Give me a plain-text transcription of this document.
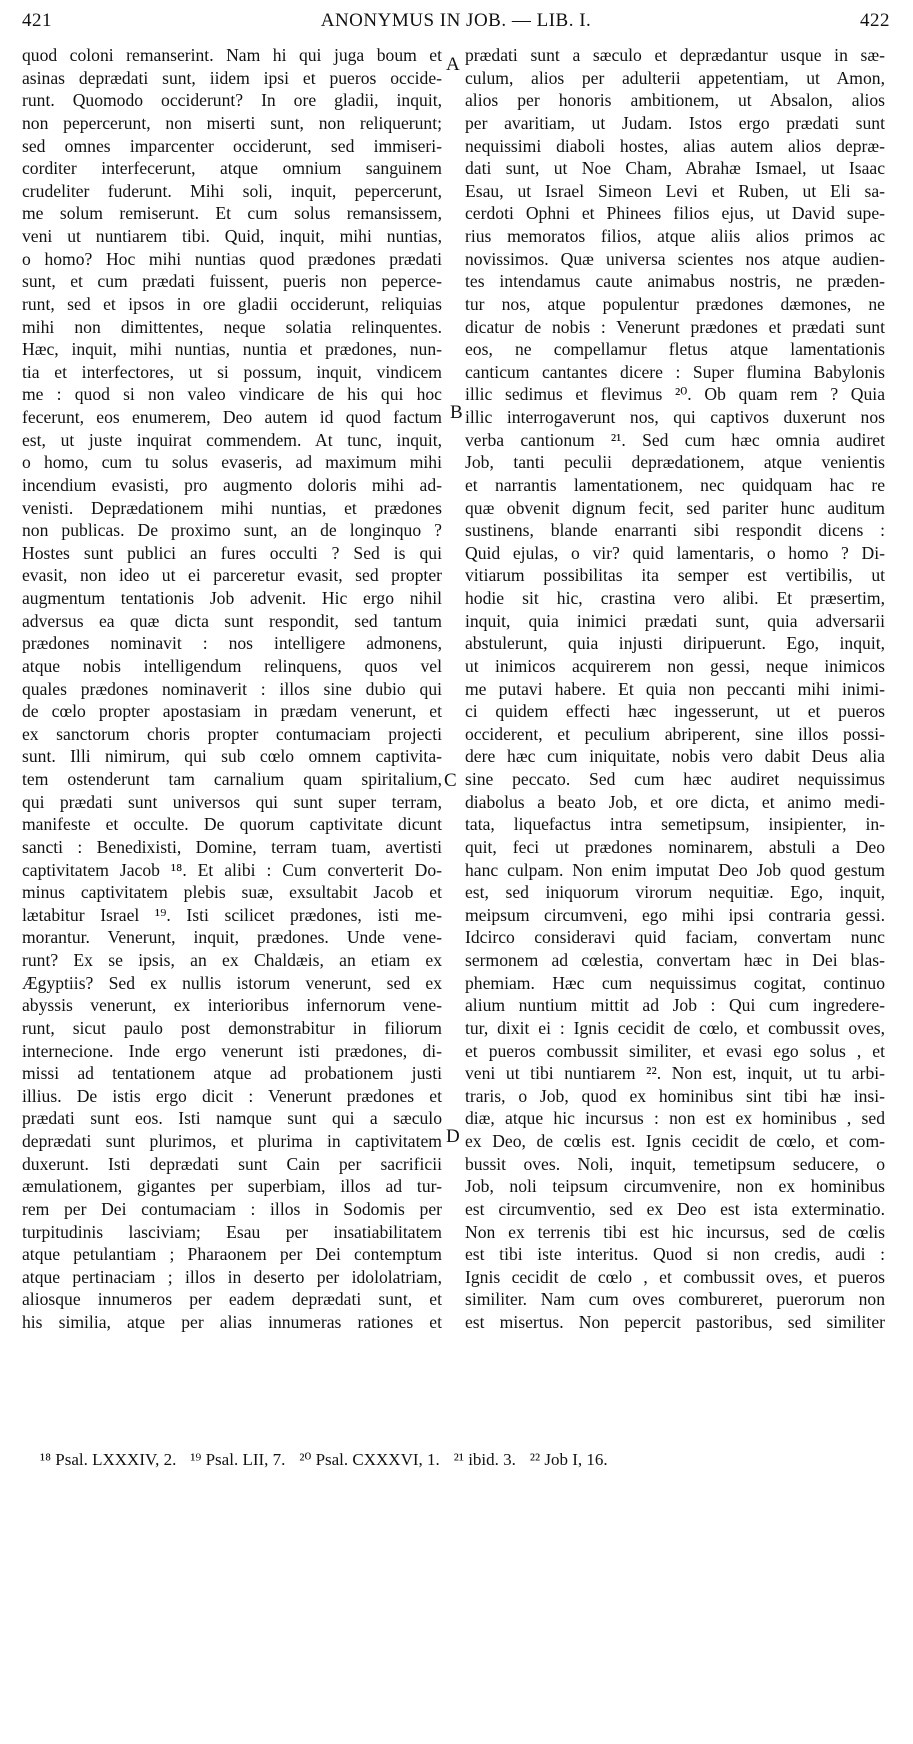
421	ANONYMUS IN JOB. — LIB. I.	422
quod coloni remanserint. Nam hi qui juga boum et
asinas deprædati sunt, iidem ipsi et pueros occide-
runt. Quomodo occiderunt? In ore gladii, inquit,
non pepercerunt, non miserti sunt, non reliquerunt;
sed omnes imparcenter occiderunt, sed immiseri-
corditer interfecerunt, atque omnium sanguinem
crudeliter fuderunt. Mihi soli, inquit, pepercerunt,
me solum remiserunt. Et cum solus remansissem,
veni ut nuntiarem tibi. Quid, inquit, mihi nuntias,
o homo? Hoc mihi nuntias quod prædones prædati
sunt, et cum prædati fuissent, pueris non peperce-
runt, sed et ipsos in ore gladii occiderunt, reliquias
mihi non dimittentes, neque solatia relinquentes.
Hæc, inquit, mihi nuntias, nuntia et prædones, nun-
tia et interfectores, ut si possum, inquit, vindicem
me : quod si non valeo vindicare de his qui hoc
fecerunt, eos enumerem, Deo autem id quod factum
est, ut juste inquirat commendem. At tunc, inquit,
o homo, cum tu solus evaseris, ad maximum mihi
incendium evasisti, pro augmento doloris mihi ad-
venisti. Deprædationem mihi nuntias, et prædones
non publicas. De proximo sunt, an de longinquo ?
Hostes sunt publici an fures occulti ? Sed is qui
evasit, non ideo ut ei parceretur evasit, sed propter
augmentum tentationis Job advenit. Hic ergo nihil
adversus ea quæ dicta sunt respondit, sed tantum
prædones nominavit : nos intelligere admonens,
atque nobis intelligendum relinquens, quos vel
quales prædones nominaverit : illos sine dubio qui
de cœlo propter apostasiam in prædam venerunt, et
ex sanctorum choris propter contumaciam projecti
sunt. Illi nimirum, qui sub cœlo omnem captivita-
tem ostenderunt tam carnalium quam spiritalium,
qui prædati sunt universos qui sunt super terram,
manifeste et occulte. De quorum captivitate dicunt
sancti : Benedixisti, Domine, terram tuam, avertisti
captivitatem Jacob ¹⁸. Et alibi : Cum converterit Do-
minus captivitatem plebis suæ, exsultabit Jacob et
lætabitur Israel ¹⁹. Isti scilicet prædones, isti me-
morantur. Venerunt, inquit, prædones. Unde vene-
runt? Ex se ipsis, an ex Chaldæis, an etiam ex
Ægyptiis? Sed ex nullis istorum venerunt, sed ex
abyssis venerunt, ex interioribus infernorum vene-
runt, sicut paulo post demonstrabitur in filiorum
internecione. Inde ergo venerunt isti prædones, di-
missi ad tentationem atque ad probationem justi
illius. De istis ergo dicit : Venerunt prædones et
prædati sunt eos. Isti namque sunt qui a sæculo
deprædati sunt plurimos, et plurima in captivitatem
duxerunt. Isti deprædati sunt Cain per sacrificii
æmulationem, gigantes per superbiam, illos ad tur-
rem per Dei contumaciam : illos in Sodomis per
turpitudinis lasciviam; Esau per insatiabilitatem
atque petulantiam ; Pharaonem per Dei contemptum
atque pertinaciam ; illos in deserto per idololatriam,
aliosque innumeros per eadem deprædati sunt, et
his similia, atque per alias innumeras rationes et
prædati sunt a sæculo et deprædantur usque in sæ-
culum, alios per adulterii appetentiam, ut Amon,
alios per honoris ambitionem, ut Absalon, alios
per avaritiam, ut Judam. Istos ergo prædati sunt
nequissimi diaboli hostes, alias autem alios depræ-
dati sunt, ut Noe Cham, Abrahæ Ismael, ut Isaac
Esau, ut Israel Simeon Levi et Ruben, ut Eli sa-
cerdoti Ophni et Phinees filios ejus, ut David supe-
rius memoratos filios, atque aliis alios primos ac
novissimos. Quæ universa scientes nos atque audien-
tes intendamus caute animabus nostris, ne præden-
tur nos, atque populentur prædones dæmones, ne
dicatur de nobis : Venerunt prædones et prædati sunt
eos, ne compellamur fletus atque lamentationis
canticum cantantes dicere : Super flumina Babylonis
illic sedimus et flevimus ²⁰. Ob quam rem ? Quia
illic interrogaverunt nos, qui captivos duxerunt nos
verba cantionum ²¹. Sed cum hæc omnia audiret
Job, tanti peculii deprædationem, atque venientis
et narrantis lamentationem, nec quidquam hac re
quæ obvenit dignum fecit, sed pariter hunc auditum
sustinens, blande enarranti sibi respondit dicens :
Quid ejulas, o vir? quid lamentaris, o homo ? Di-
vitiarum possibilitas ita semper est vertibilis, ut
hodie sit hic, crastina vero alibi. Et præsertim,
inquit, quia inimici prædati sunt, quia adversarii
abstulerunt, quia injusti diripuerunt. Ego, inquit,
ut inimicos acquirerem non gessi, neque inimicos
me putavi habere. Et quia non peccanti mihi inimi-
ci quidem effecti hæc ingesserunt, ut et pueros
occiderent, et peculium abriperent, sine illos possi-
dere hæc cum iniquitate, nobis vero dabit Deus alia
sine peccato. Sed cum hæc audiret nequissimus
diabolus a beato Job, et ore dicta, et animo medi-
tata, liquefactus intra semetipsum, insipienter, in-
quit, feci ut prædones nominarem, abstuli a Deo
hanc culpam. Non enim imputat Deo Job quod gestum
est, sed iniquorum virorum nequitiæ. Ego, inquit,
meipsum circumveni, ego mihi ipsi contraria gessi.
Idcirco consideravi quid faciam, convertam nunc
sermonem ad cœlestia, convertam hæc in Dei blas-
phemiam. Hæc cum nequissimus cogitat, continuo
alium nuntium mittit ad Job : Qui cum ingredere-
tur, dixit ei : Ignis cecidit de cœlo, et combussit oves,
et pueros combussit similiter, et evasi ego solus , et
veni ut tibi nuntiarem ²². Non est, inquit, ut tu arbi-
traris, o Job, quod ex hominibus sint tibi hæ insi-
diæ, atque hic incursus : non est ex hominibus , sed
ex Deo, de cœlis est. Ignis cecidit de cœlo, et com-
bussit oves. Noli, inquit, temetipsum seducere, o
Job, noli teipsum circumvenire, non ex hominibus
est circumventio, sed ex Deo est ista exterminatio.
Non ex terrenis tibi est hic incursus, sed de cœlis
est tibi iste interitus. Quod si non credis, audi :
Ignis cecidit de cœlo , et combussit oves, et pueros
similiter. Nam cum oves combureret, puerorum non
est misertus. Non pepercit pastoribus, sed similiter
A
B
C
D
¹⁸ Psal. LXXXIV, 2. ¹⁹ Psal. LII, 7. ²⁰ Psal. CXXXVI, 1. ²¹ ibid. 3. ²² Job I, 16.
